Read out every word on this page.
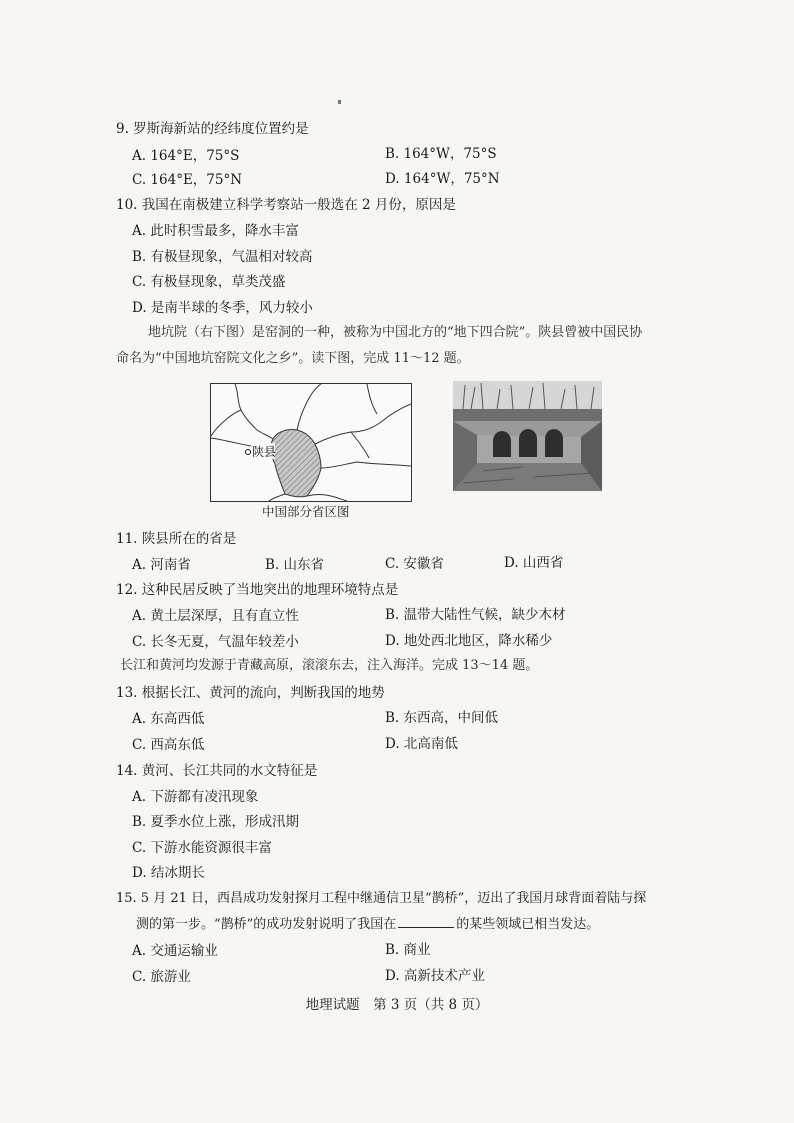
9. 罗斯海新站的经纬度位置约是
A. 164°E，75°S	B. 164°W，75°S
C. 164°E，75°N	D. 164°W，75°N
10. 我国在南极建立科学考察站一般选在 2 月份，原因是
A. 此时积雪最多，降水丰富
B. 有极昼现象，气温相对较高
C. 有极昼现象，草类茂盛
D. 是南半球的冬季，风力较小
地坑院（右下图）是窑洞的一种，被称为中国北方的“地下四合院”。陕县曾被中国民协
命名为“中国地坑窑院文化之乡”。读下图，完成 11～12 题。
陕县
中国部分省区图
11. 陕县所在的省是
A. 河南省	B. 山东省	C. 安徽省	D. 山西省
12. 这种民居反映了当地突出的地理环境特点是
A. 黄土层深厚，且有直立性	B. 温带大陆性气候，缺少木材
C. 长冬无夏，气温年较差小	D. 地处西北地区，降水稀少
长江和黄河均发源于青藏高原，滚滚东去，注入海洋。完成 13～14 题。
13. 根据长江、黄河的流向，判断我国的地势
A. 东高西低	B. 东西高，中间低
C. 西高东低	D. 北高南低
14. 黄河、长江共同的水文特征是
A. 下游都有凌汛现象
B. 夏季水位上涨，形成汛期
C. 下游水能资源很丰富
D. 结冰期长
15. 5 月 21 日，西昌成功发射探月工程中继通信卫星“鹊桥”，迈出了我国月球背面着陆与探
测的第一步。“鹊桥”的成功发射说明了我国在	的某些领域已相当发达。
A. 交通运输业	B. 商业
C. 旅游业	D. 高新技术产业
地理试题　第 3 页（共 8 页）
